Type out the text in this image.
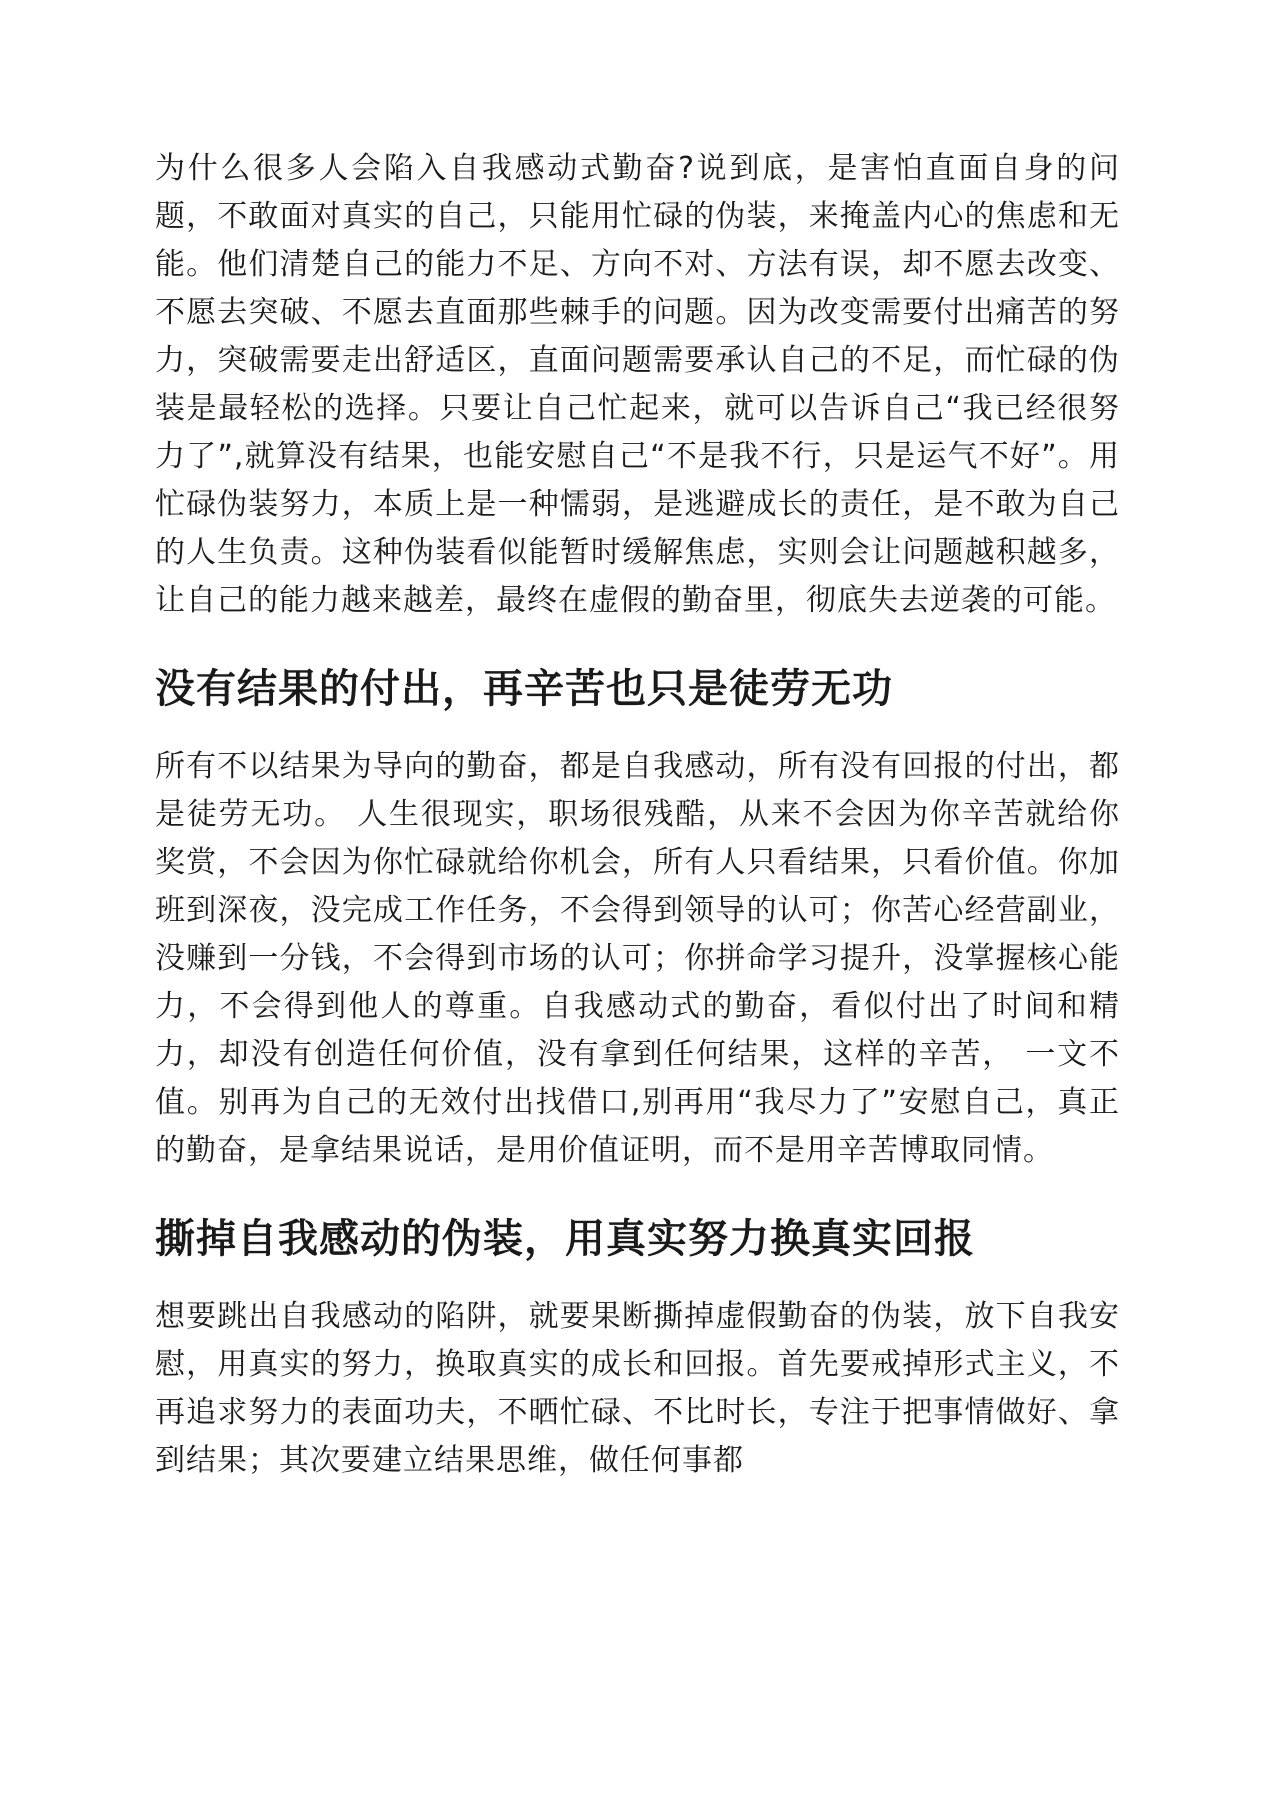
为什么很多人会陷入自我感动式勤奋?说到底，是害怕直面自身的问题，不敢面对真实的自己，只能用忙碌的伪装，来掩盖内心的焦虑和无能。他们清楚自己的能力不足、方向不对、方法有误，却不愿去改变、不愿去突破、不愿去直面那些棘手的问题。因为改变需要付出痛苦的努力，突破需要走出舒适区，直面问题需要承认自己的不足，而忙碌的伪装是最轻松的选择。只要让自己忙起来，就可以告诉自己“我已经很努力了”,就算没有结果，也能安慰自己“不是我不行，只是运气不好”。用忙碌伪装努力，本质上是一种懦弱，是逃避成长的责任，是不敢为自己的人生负责。这种伪装看似能暂时缓解焦虑，实则会让问题越积越多，让自己的能力越来越差，最终在虚假的勤奋里，彻底失去逆袭的可能。

没有结果的付出，再辛苦也只是徒劳无功

所有不以结果为导向的勤奋，都是自我感动，所有没有回报的付出，都是徒劳无功。 人生很现实，职场很残酷，从来不会因为你辛苦就给你奖赏，不会因为你忙碌就给你机会，所有人只看结果，只看价值。你加班到深夜，没完成工作任务，不会得到领导的认可；你苦心经营副业，没赚到一分钱，不会得到市场的认可；你拼命学习提升，没掌握核心能力，不会得到他人的尊重。自我感动式的勤奋，看似付出了时间和精力，却没有创造任何价值，没有拿到任何结果，这样的辛苦， 一文不值。别再为自己的无效付出找借口,别再用“我尽力了”安慰自己，真正的勤奋，是拿结果说话，是用价值证明，而不是用辛苦博取同情。

撕掉自我感动的伪装，用真实努力换真实回报

想要跳出自我感动的陷阱，就要果断撕掉虚假勤奋的伪装，放下自我安慰，用真实的努力，换取真实的成长和回报。首先要戒掉形式主义，不再追求努力的表面功夫，不晒忙碌、不比时长，专注于把事情做好、拿到结果；其次要建立结果思维，做任何事都
